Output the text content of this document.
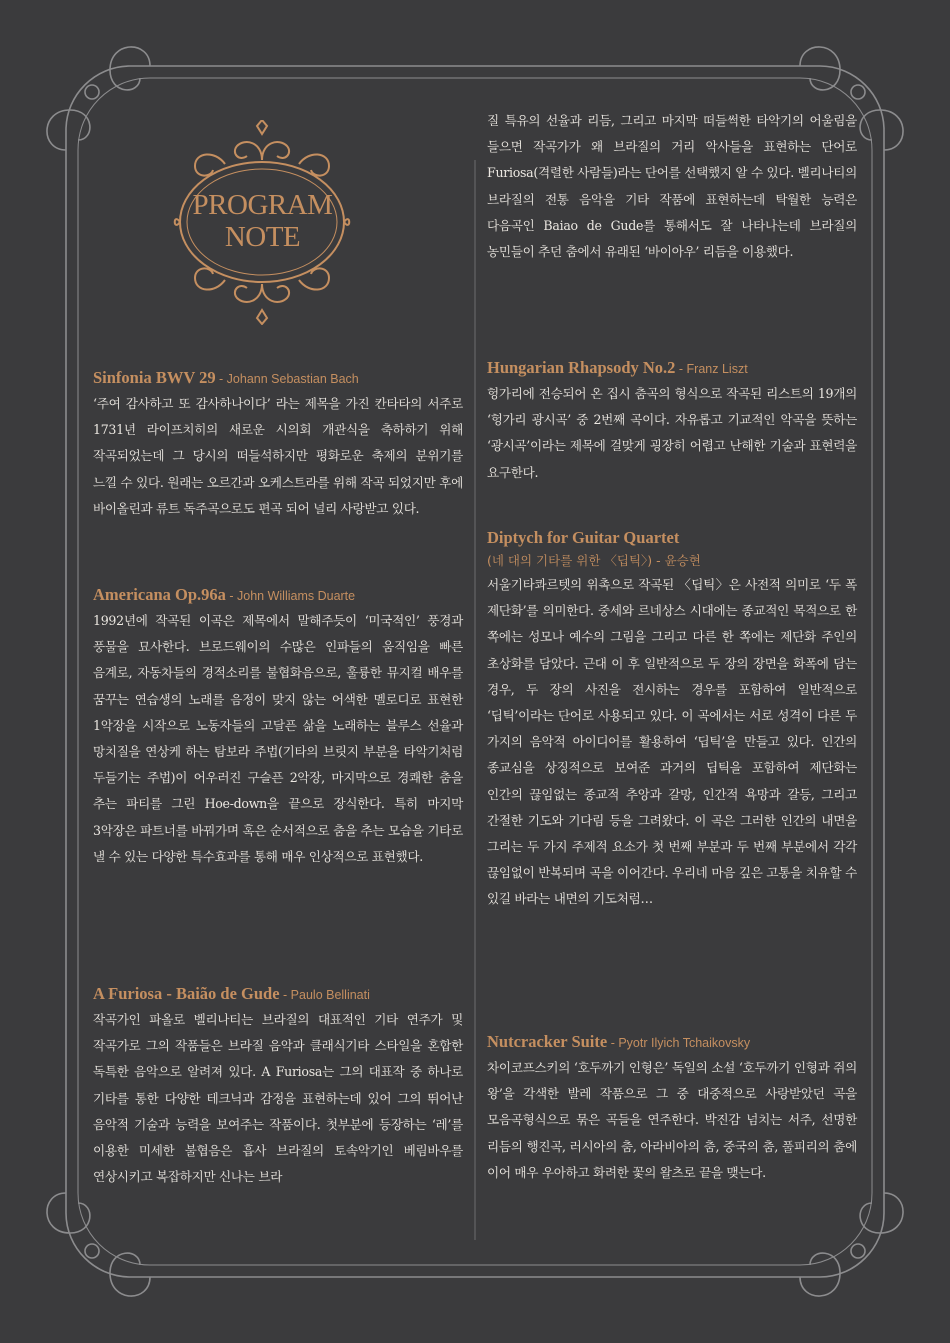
PROGRAM
NOTE
Sinfonia BWV 29 - Johann Sebastian Bach

‘주여 감사하고 또 감사하나이다’ 라는 제목을 가진 칸타타의 서주로 1731년 라이프치히의 새로운 시의회 개관식을 축하하기 위해 작곡되었는데 그 당시의 떠들석하지만 평화로운 축제의 분위기를 느낄 수 있다. 원래는 오르간과 오케스트라를 위해 작곡 되었지만 후에 바이올린과 류트 독주곡으로도 편곡 되어 널리 사랑받고 있다.

Americana Op.96a - John Williams Duarte

1992년에 작곡된 이곡은 제목에서 말해주듯이 ‘미국적인’ 풍경과 풍물을 묘사한다. 브로드웨이의 수많은 인파들의 움직임을 빠른 음계로, 자동차들의 경적소리를 불협화음으로, 훌륭한 뮤지컬 배우를 꿈꾸는 연습생의 노래를 음정이 맞지 않는 어색한 멜로디로 표현한 1악장을 시작으로 노동자들의 고달픈 삶을 노래하는 블루스 선율과 망치질을 연상케 하는 탐보라 주법(기타의 브릿지 부분을 타악기처럼 두들기는 주법)이 어우러진 구슬픈 2악장, 마지막으로 경쾌한 춤을 추는 파티를 그린 Hoe-down을 끝으로 장식한다. 특히 마지막 3악장은 파트너를 바꿔가며 혹은 순서적으로 춤을 추는 모습을 기타로 낼 수 있는 다양한 특수효과를 통해 매우 인상적으로 표현했다.

A Furiosa - Baião de Gude - Paulo Bellinati

작곡가인 파올로 벨리나티는 브라질의 대표적인 기타 연주가 및 작곡가로 그의 작품들은 브라질 음악과 클래식기타 스타일을 혼합한 독특한 음악으로 알려져 있다. A Furiosa는 그의 대표작 중 하나로 기타를 통한 다양한 테크닉과 감정을 표현하는데 있어 그의 뛰어난 음악적 기술과 능력을 보여주는 작품이다. 첫부분에 등장하는 ‘레’를 이용한 미세한 불협음은 흡사 브라질의 토속악기인 베림바우를 연상시키고 복잡하지만 신나는 브라

질 특유의 선율과 리듬, 그리고 마지막 떠들썩한 타악기의 어울림을 들으면 작곡가가 왜 브라질의 거리 악사들을 표현하는 단어로 Furiosa(격렬한 사람들)라는 단어를 선택했지 알 수 있다. 벨리나티의 브라질의 전통 음악을 기타 작품에 표현하는데 탁월한 능력은 다음곡인 Baiao de Gude를 통해서도 잘 나타나는데 브라질의 농민들이 추던 춤에서 유래된 ‘바이아우’ 리듬을 이용했다.

Hungarian Rhapsody No.2 - Franz Liszt

헝가리에 전승되어 온 집시 춤곡의 형식으로 작곡된 리스트의 19개의 ‘헝가리 광시곡’ 중 2번째 곡이다. 자유롭고 기교적인 악곡을 뜻하는 ‘광시곡’이라는 제목에 걸맞게 굉장히 어렵고 난해한 기술과 표현력을 요구한다.

Diptych for Guitar Quartet
(네 대의 기타를 위한 〈딥틱〉) - 윤승현

서울기타콰르텟의 위촉으로 작곡된 〈딥틱〉은 사전적 의미로 ‘두 폭 제단화’를 의미한다. 중세와 르네상스 시대에는 종교적인 목적으로 한 쪽에는 성모나 예수의 그림을 그리고 다른 한 쪽에는 제단화 주인의 초상화를 담았다. 근대 이 후 일반적으로 두 장의 장면을 화폭에 담는 경우, 두 장의 사진을 전시하는 경우를 포함하여 일반적으로 ‘딥틱’이라는 단어로 사용되고 있다. 이 곡에서는 서로 성격이 다른 두 가지의 음악적 아이디어를 활용하여 ‘딥틱’을 만들고 있다. 인간의 종교심을 상징적으로 보여준 과거의 딥틱을 포함하여 제단화는 인간의 끊임없는 종교적 추앙과 갈망, 인간적 욕망과 갈등, 그리고 간절한 기도와 기다림 등을 그려왔다. 이 곡은 그러한 인간의 내면을 그리는 두 가지 주제적 요소가 첫 번째 부분과 두 번째 부분에서 각각 끊임없이 반복되며 곡을 이어간다. 우리네 마음 깊은 고통을 치유할 수 있길 바라는 내면의 기도처럼…

Nutcracker Suite - Pyotr Ilyich Tchaikovsky

차이코프스키의 ‘호두까기 인형은’ 독일의 소설 ‘호두까기 인형과 쥐의 왕’을 각색한 발레 작품으로 그 중 대중적으로 사랑받았던 곡을 모음곡형식으로 묶은 곡들을 연주한다. 박진감 넘치는 서주, 선명한 리듬의 행진곡, 러시아의 춤, 아라비아의 춤, 중국의 춤, 풀피리의 춤에 이어 매우 우아하고 화려한 꽃의 왈츠로 끝을 맺는다.
